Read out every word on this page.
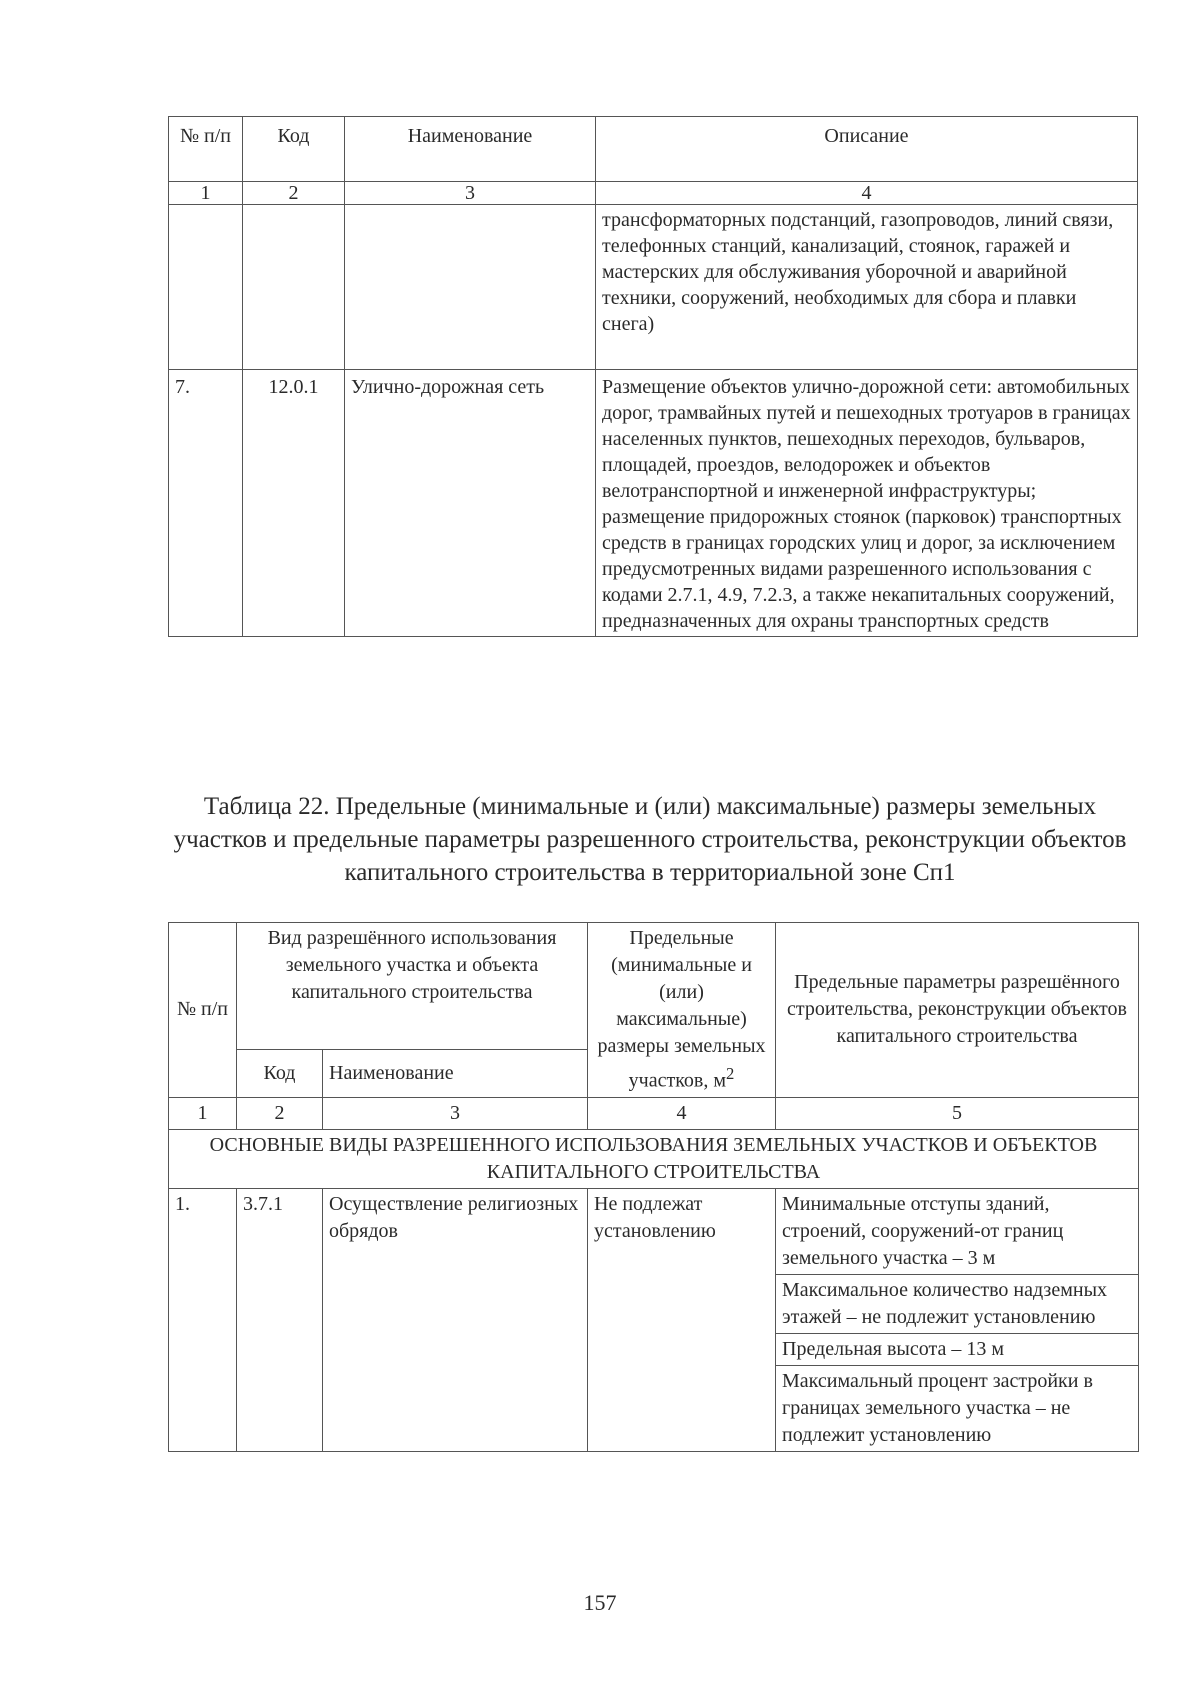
№ п/п	Код	Наименование	Описание
1	2	3	4
			трансформаторных подстанций, газопроводов, линий связи, телефонных станций, канализаций, стоянок, гаражей и мастерских для обслуживания уборочной и аварийной техники, сооружений, необходимых для сбора и плавки снега)
7.	12.0.1	Улично-дорожная сеть	Размещение объектов улично-дорожной сети: автомобильных дорог, трамвайных путей и пешеходных тротуаров в границах населенных пунктов, пешеходных переходов, бульваров, площадей, проездов, велодорожек и объектов велотранспортной и инженерной инфраструктуры; размещение придорожных стоянок (парковок) транспортных средств в границах городских улиц и дорог, за исключением предусмотренных видами разрешенного использования с кодами 2.7.1, 4.9, 7.2.3, а также некапитальных сооружений, предназначенных для охраны транспортных средств
Таблица 22. Предельные (минимальные и (или) максимальные) размеры земельных участков и предельные параметры разрешенного строительства, реконструкции объектов капитального строительства в территориальной зоне Сп1
№ п/п	Вид разрешённого использования земельного участка и объекта капитального строительства		Предельные (минимальные и (или) максимальные) размеры земельных участков, $м^2$	Предельные параметры разрешённого строительства, реконструкции объектов капитального строительства
	Код	Наименование		
1	2	3	4	5
ОСНОВНЫЕ ВИДЫ РАЗРЕШЕННОГО ИСПОЛЬЗОВАНИЯ ЗЕМЕЛЬНЫХ УЧАСТКОВ И ОБЪЕКТОВ КАПИТАЛЬНОГО СТРОИТЕЛЬСТВА				
1.	3.7.1	Осуществление религиозных обрядов	Не подлежат установлению	Минимальные отступы зданий, строений, сооружений-от границ земельного участка – 3 м
				Максимальное количество надземных этажей – не подлежит установлению
				Предельная высота – 13 м
				Максимальный процент застройки в границах земельного участка – не подлежит установлению
157
